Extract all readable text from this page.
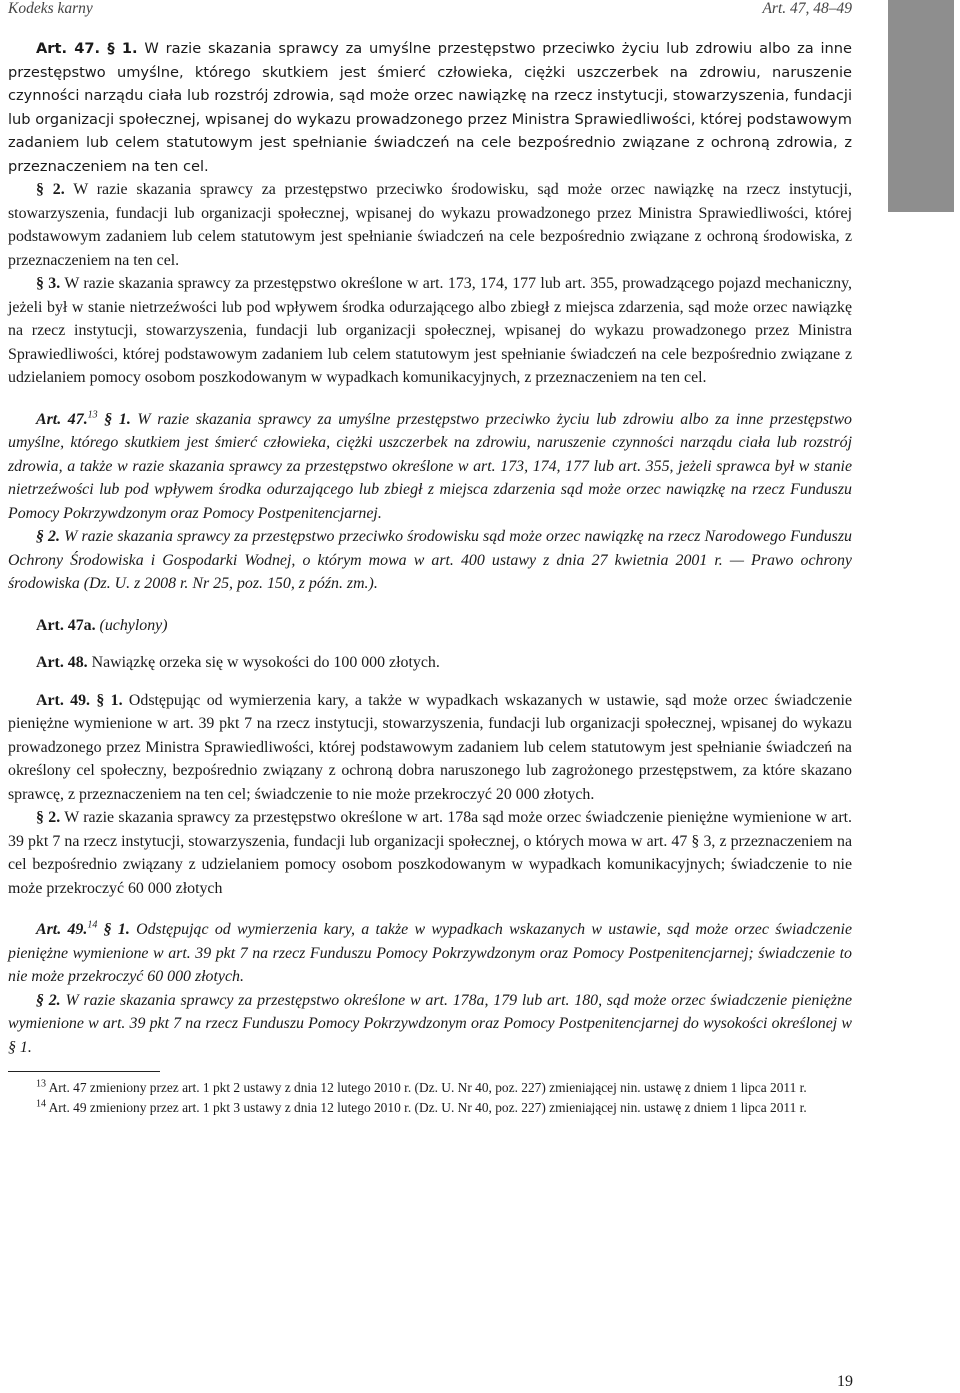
Kodeks karny	Art. 47, 48–49

Art. 47. § 1. W razie skazania sprawcy za umyślne przestępstwo przeciwko życiu lub zdrowiu albo za inne przestępstwo umyślne, którego skutkiem jest śmierć człowieka, ciężki uszczerbek na zdrowiu, naruszenie czynności narządu ciała lub rozstrój zdrowia, sąd może orzec nawiązkę na rzecz instytucji, stowarzyszenia, fundacji lub organizacji społecznej, wpisanej do wykazu prowadzonego przez Ministra Sprawiedliwości, której podstawowym zadaniem lub celem statutowym jest spełnianie świadczeń na cele bezpośrednio związane z ochroną zdrowia, z przeznaczeniem na ten cel.

§ 2. W razie skazania sprawcy za przestępstwo przeciwko środowisku, sąd może orzec nawiązkę na rzecz instytucji, stowarzyszenia, fundacji lub organizacji społecznej, wpisanej do wykazu prowadzonego przez Ministra Sprawiedliwości, której podstawowym zadaniem lub celem statutowym jest spełnianie świadczeń na cele bezpośrednio związane z ochroną środowiska, z przeznaczeniem na ten cel.

§ 3. W razie skazania sprawcy za przestępstwo określone w art. 173, 174, 177 lub art. 355, prowadzącego pojazd mechaniczny, jeżeli był w stanie nietrzeźwości lub pod wpływem środka odurzającego albo zbiegł z miejsca zdarzenia, sąd może orzec nawiązkę na rzecz instytucji, stowarzyszenia, fundacji lub organizacji społecznej, wpisanej do wykazu prowadzonego przez Ministra Sprawiedliwości, której podstawowym zadaniem lub celem statutowym jest spełnianie świadczeń na cele bezpośrednio związane z udzielaniem pomocy osobom poszkodowanym w wypadkach komunikacyjnych, z przeznaczeniem na ten cel.

Art. 47.13 § 1. W razie skazania sprawcy za umyślne przestępstwo przeciwko życiu lub zdrowiu albo za inne przestępstwo umyślne, którego skutkiem jest śmierć człowieka, ciężki uszczerbek na zdrowiu, naruszenie czynności narządu ciała lub rozstrój zdrowia, a także w razie skazania sprawcy za przestępstwo określone w art. 173, 174, 177 lub art. 355, jeżeli sprawca był w stanie nietrzeźwości lub pod wpływem środka odurzającego lub zbiegł z miejsca zdarzenia sąd może orzec nawiązkę na rzecz Funduszu Pomocy Pokrzywdzonym oraz Pomocy Postpenitencjarnej.

§ 2. W razie skazania sprawcy za przestępstwo przeciwko środowisku sąd może orzec nawiązkę na rzecz Narodowego Funduszu Ochrony Środowiska i Gospodarki Wodnej, o którym mowa w art. 400 ustawy z dnia 27 kwietnia 2001 r. — Prawo ochrony środowiska (Dz. U. z 2008 r. Nr 25, poz. 150, z późn. zm.).

Art. 47a. (uchylony)

Art. 48. Nawiązkę orzeka się w wysokości do 100 000 złotych.

Art. 49. § 1. Odstępując od wymierzenia kary, a także w wypadkach wskazanych w ustawie, sąd może orzec świadczenie pieniężne wymienione w art. 39 pkt 7 na rzecz instytucji, stowarzyszenia, fundacji lub organizacji społecznej, wpisanej do wykazu prowadzonego przez Ministra Sprawiedliwości, której podstawowym zadaniem lub celem statutowym jest spełnianie świadczeń na określony cel społeczny, bezpośrednio związany z ochroną dobra naruszonego lub zagrożonego przestępstwem, za które skazano sprawcę, z przeznaczeniem na ten cel; świadczenie to nie może przekroczyć 20 000 złotych.

§ 2. W razie skazania sprawcy za przestępstwo określone w art. 178a sąd może orzec świadczenie pieniężne wymienione w art. 39 pkt 7 na rzecz instytucji, stowarzyszenia, fundacji lub organizacji społecznej, o których mowa w art. 47 § 3, z przeznaczeniem na cel bezpośrednio związany z udzielaniem pomocy osobom poszkodowanym w wypadkach komunikacyjnych; świadczenie to nie może przekroczyć 60 000 złotych

Art. 49.14 § 1. Odstępując od wymierzenia kary, a także w wypadkach wskazanych w ustawie, sąd może orzec świadczenie pieniężne wymienione w art. 39 pkt 7 na rzecz Funduszu Pomocy Pokrzywdzonym oraz Pomocy Postpenitencjarnej; świadczenie to nie może przekroczyć 60 000 złotych.

§ 2. W razie skazania sprawcy za przestępstwo określone w art. 178a, 179 lub art. 180, sąd może orzec świadczenie pieniężne wymienione w art. 39 pkt 7 na rzecz Funduszu Pomocy Pokrzywdzonym oraz Pomocy Postpenitencjarnej do wysokości określonej w § 1.

$^{13}$ Art. 47 zmieniony przez art. 1 pkt 2 ustawy z dnia 12 lutego 2010 r. (Dz. U. Nr 40, poz. 227) zmieniającej nin. ustawę z dniem 1 lipca 2011 r.

$^{14}$ Art. 49 zmieniony przez art. 1 pkt 3 ustawy z dnia 12 lutego 2010 r. (Dz. U. Nr 40, poz. 227) zmieniającej nin. ustawę z dniem 1 lipca 2011 r.

19
